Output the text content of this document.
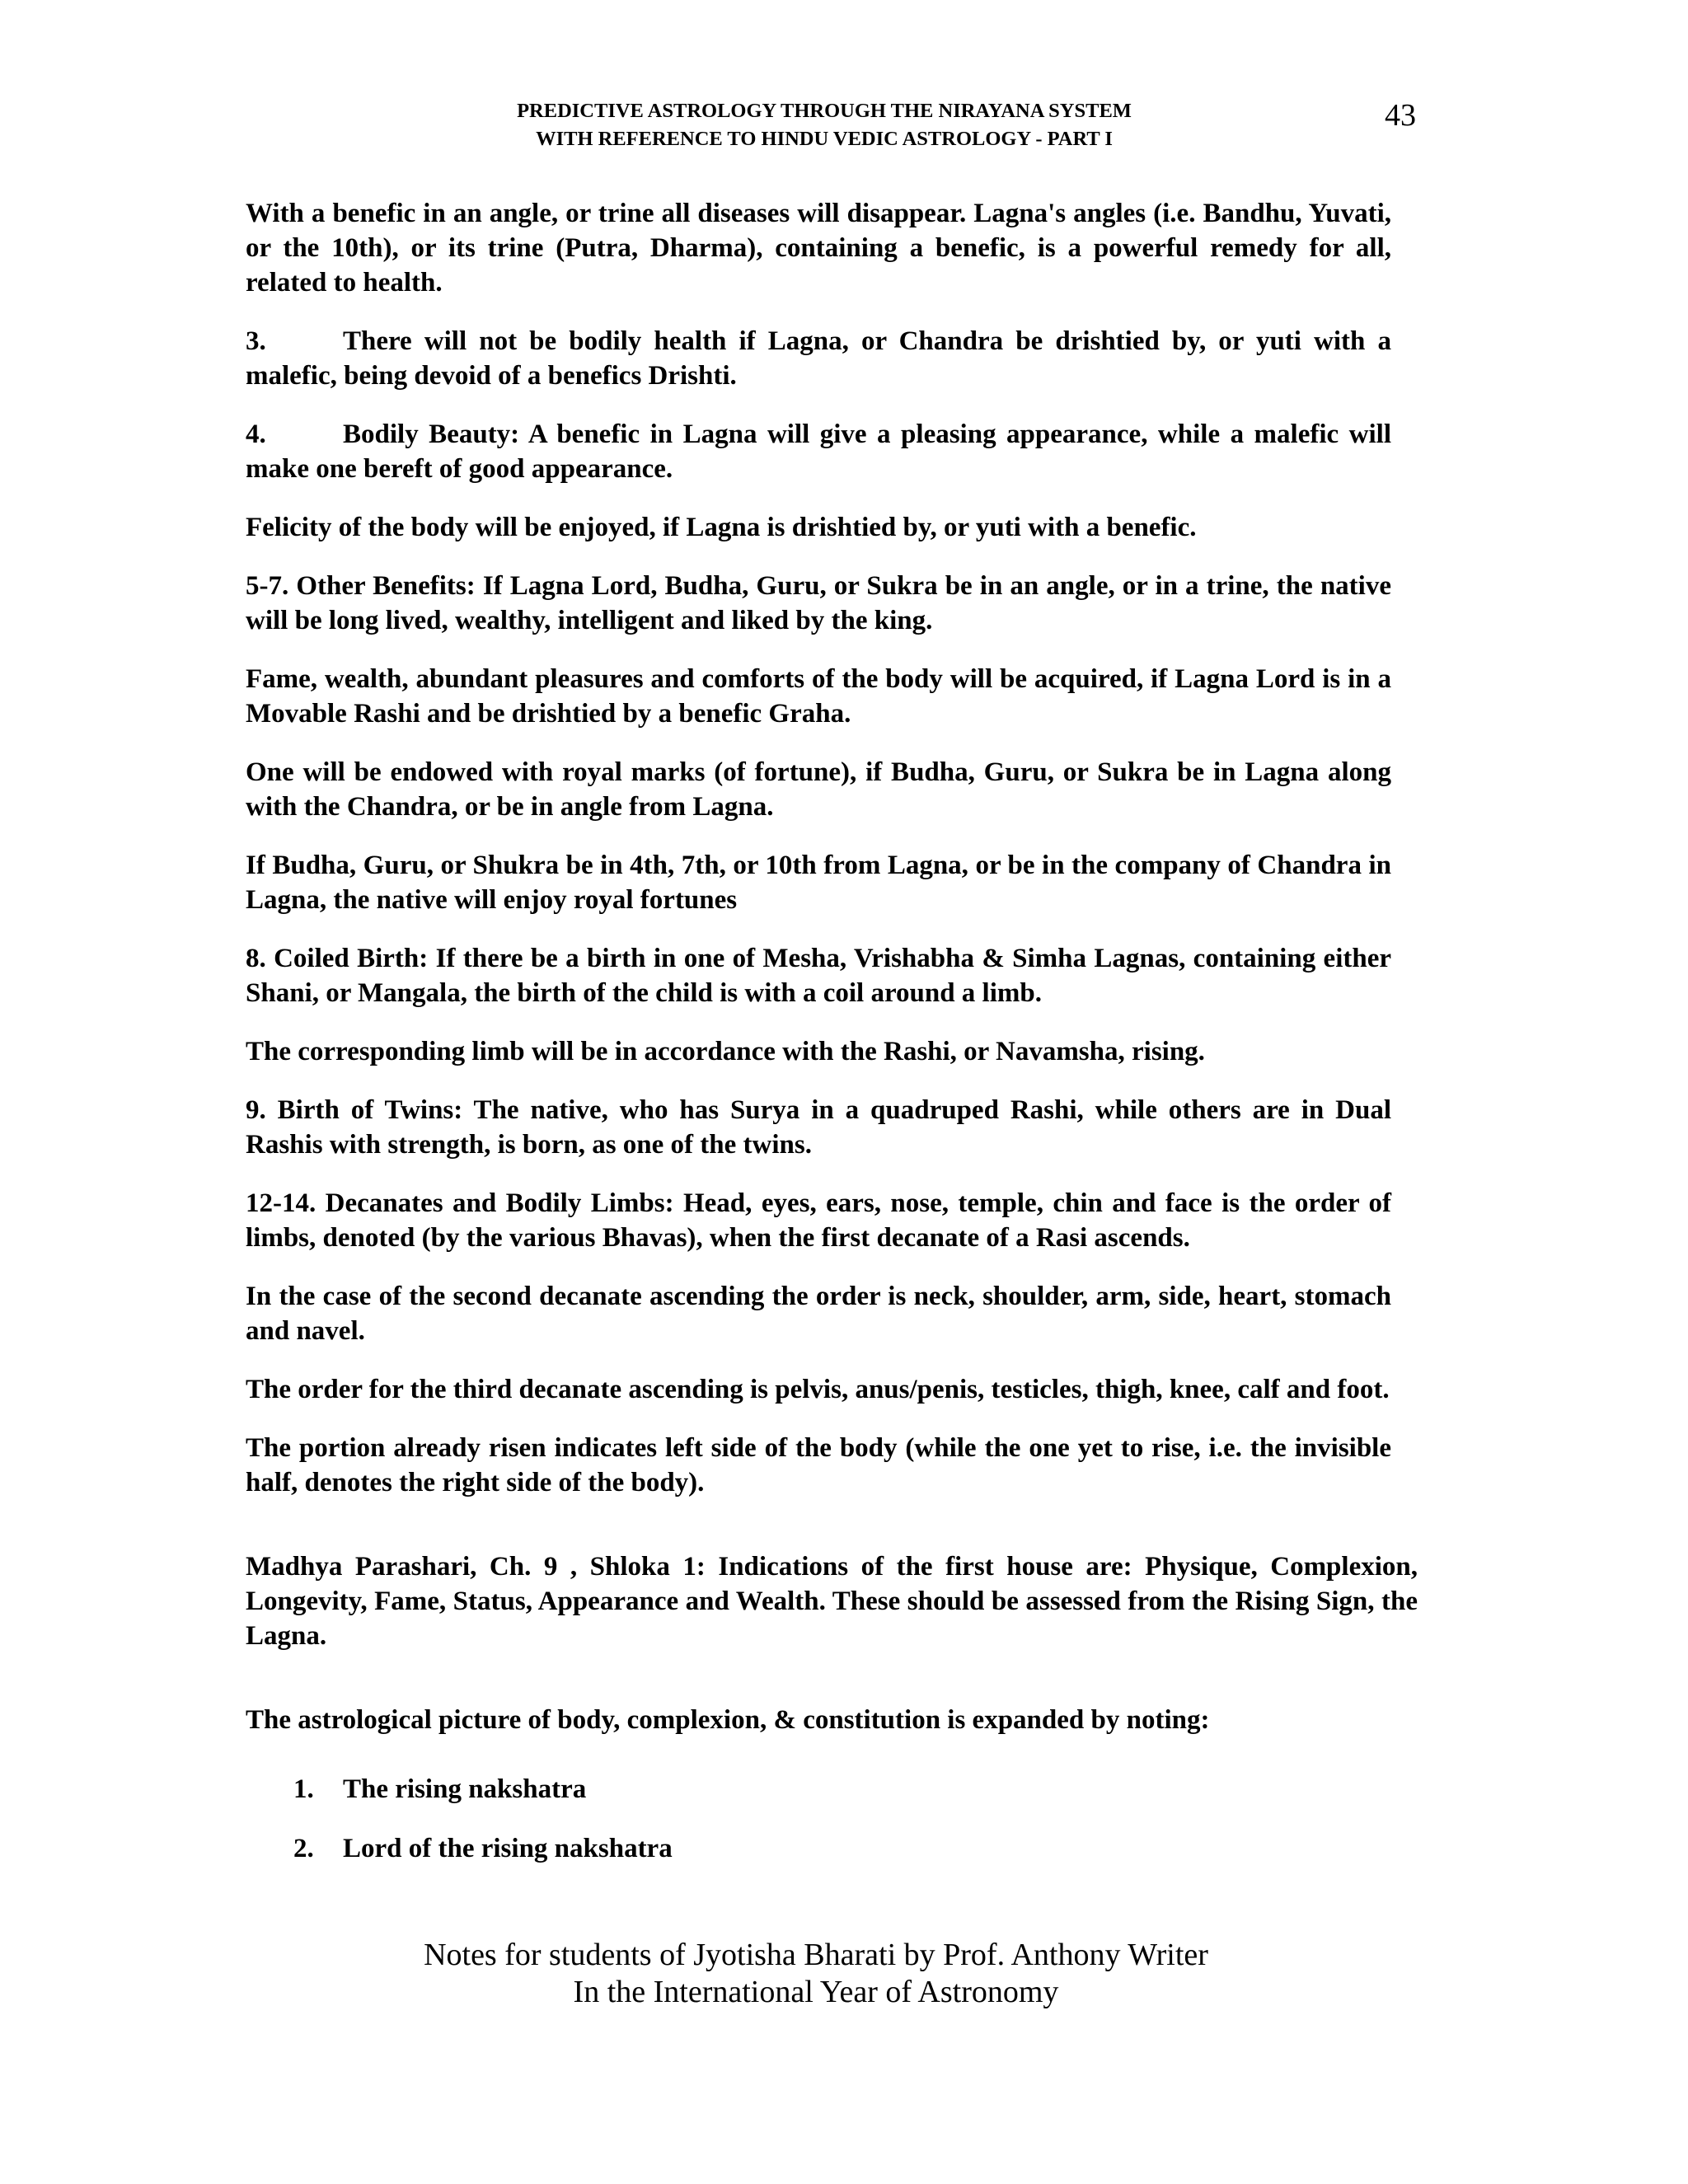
PREDICTIVE ASTROLOGY THROUGH THE NIRAYANA SYSTEM
WITH REFERENCE TO HINDU VEDIC ASTROLOGY - PART I
43

With a benefic in an angle, or trine all diseases will disappear. Lagna's angles (i.e. Bandhu, Yuvati, or the 10th), or its trine (Putra, Dharma), containing a benefic, is a powerful remedy for all, related to health.

3.	There will not be bodily health if Lagna, or Chandra be drishtied by, or yuti with a malefic, being devoid of a benefics Drishti.

4.	Bodily Beauty: A benefic in Lagna will give a pleasing appearance, while a malefic will make one bereft of good appearance.

Felicity of the body will be enjoyed, if Lagna is drishtied by, or yuti with a benefic.

5-7. Other Benefits: If Lagna Lord, Budha, Guru, or Sukra be in an angle, or in a trine, the native will be long lived, wealthy, intelligent and liked by the king.

Fame, wealth, abundant pleasures and comforts of the body will be acquired, if Lagna Lord is in a Movable Rashi and be drishtied by a benefic Graha.

One will be endowed with royal marks (of fortune), if Budha, Guru, or Sukra be in Lagna along with the Chandra, or be in angle from Lagna.

If Budha, Guru, or Shukra be in 4th, 7th, or 10th from Lagna, or be in the company of Chandra in Lagna, the native will enjoy royal fortunes

8. Coiled Birth: If there be a birth in one of Mesha, Vrishabha & Simha Lagnas, containing either Shani, or Mangala, the birth of the child is with a coil around a limb.

The corresponding limb will be in accordance with the Rashi, or Navamsha, rising.

9. Birth of Twins: The native, who has Surya in a quadruped Rashi, while others are in Dual Rashis with strength, is born, as one of the twins.

12-14. Decanates and Bodily Limbs: Head, eyes, ears, nose, temple, chin and face is the order of limbs, denoted (by the various Bhavas), when the first decanate of a Rasi ascends.

In the case of the second decanate ascending the order is neck, shoulder, arm, side, heart, stomach and navel.

The order for the third decanate ascending is pelvis, anus/penis, testicles, thigh, knee, calf and foot.

The portion already risen indicates left side of the body (while the one yet to rise, i.e. the invisible half, denotes the right side of the body).

Madhya Parashari, Ch. 9 , Shloka 1: Indications of the first house are: Physique, Complexion, Longevity, Fame, Status, Appearance and Wealth. These should be assessed from the Rising Sign, the Lagna.

The astrological picture of body, complexion, & constitution is expanded by noting:

1. The rising nakshatra
2. Lord of the rising nakshatra
Notes for students of Jyotisha Bharati by Prof. Anthony Writer
In the International Year of Astronomy
